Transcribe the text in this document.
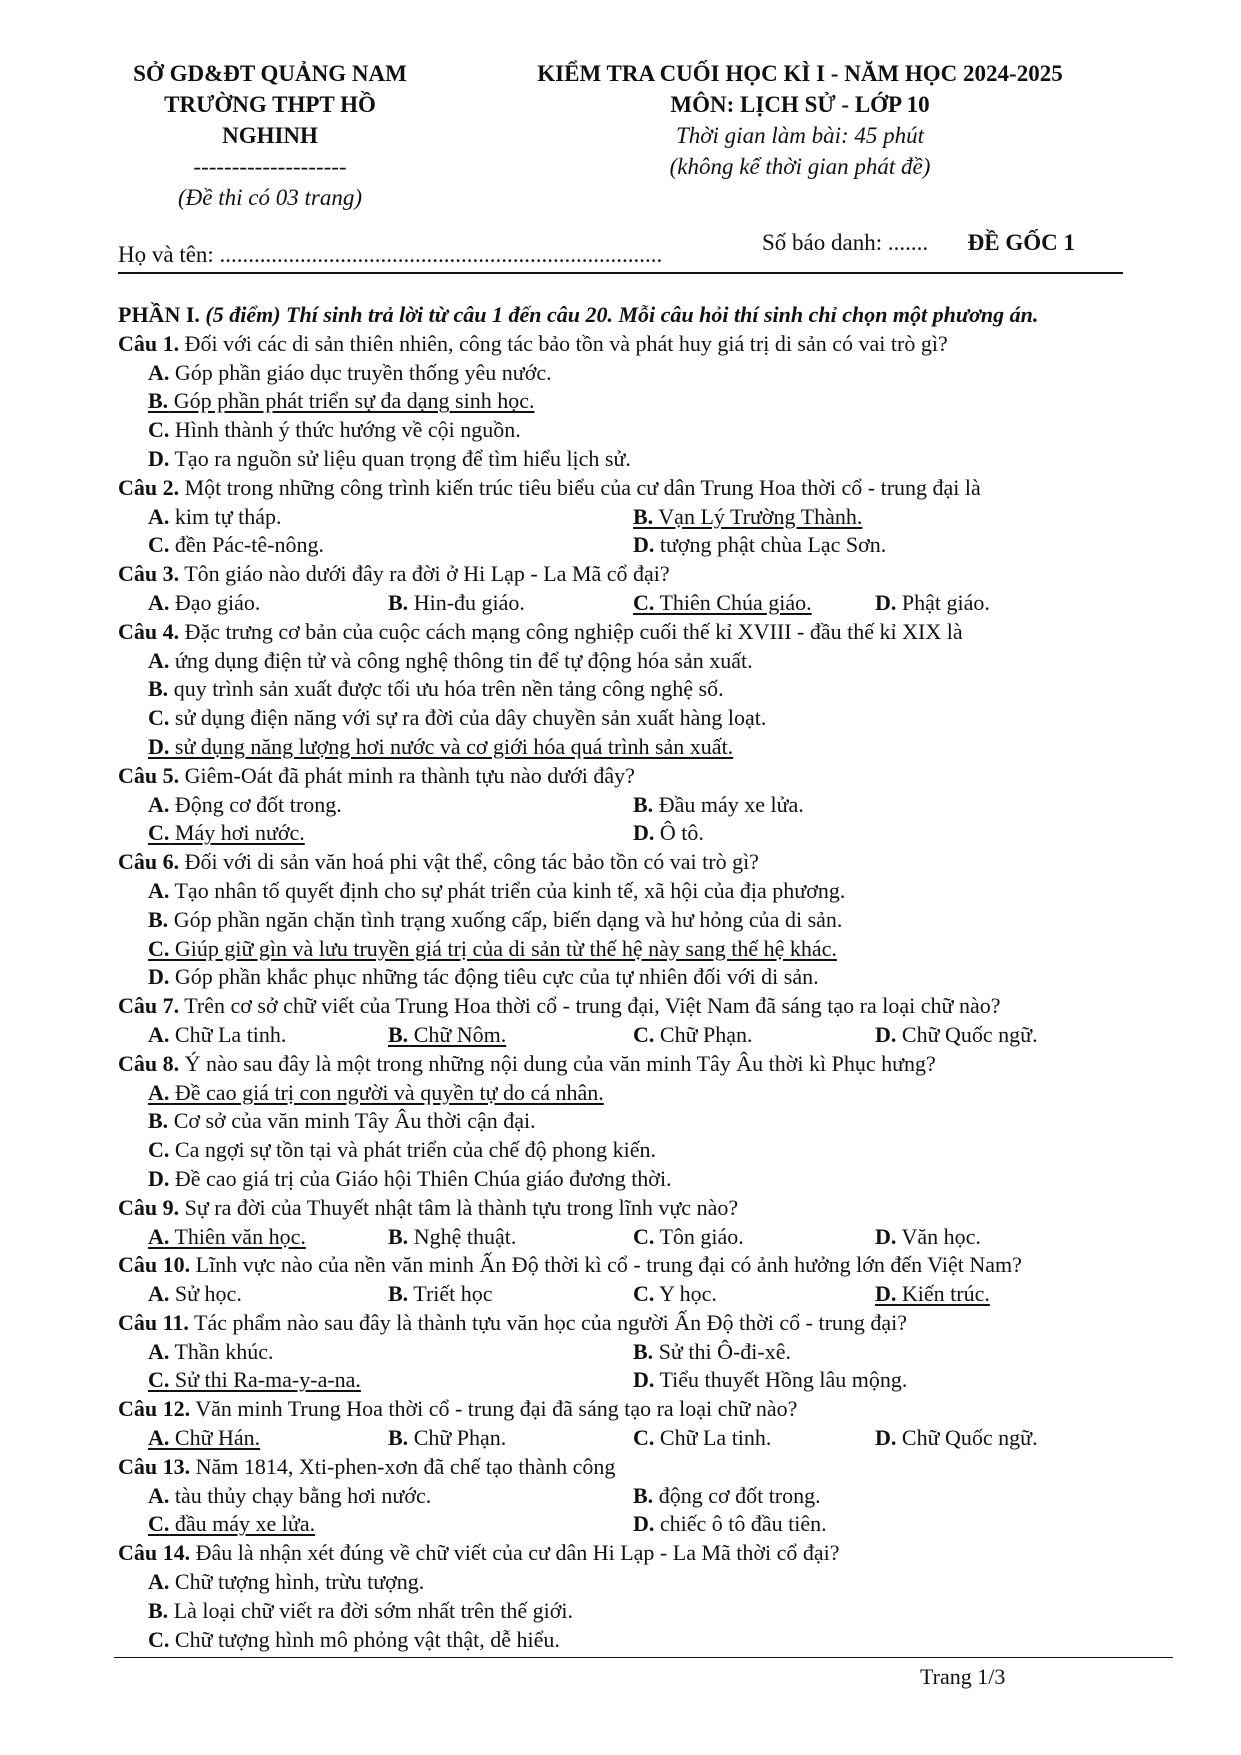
SỞ GD&ĐT QUẢNG NAM
TRƯỜNG THPT HỒ NGHINH
--------------------
(Đề thi có 03 trang)
KIỂM TRA CUỐI HỌC KÌ I - NĂM HỌC 2024-2025
MÔN: LỊCH SỬ - LỚP 10
Thời gian làm bài: 45 phút
(không kể thời gian phát đề)
Họ và tên: .............................................................................	Số báo danh: ....... ĐỀ GỐC 1
PHẦN I. (5 điểm) Thí sinh trả lời từ câu 1 đến câu 20. Mỗi câu hỏi thí sinh chỉ chọn một phương án.
Câu 1. Đối với các di sản thiên nhiên, công tác bảo tồn và phát huy giá trị di sản có vai trò gì?
A. Góp phần giáo dục truyền thống yêu nước.
B. Góp phần phát triển sự đa dạng sinh học.
C. Hình thành ý thức hướng về cội nguồn.
D. Tạo ra nguồn sử liệu quan trọng để tìm hiểu lịch sử.
Câu 2. Một trong những công trình kiến trúc tiêu biểu của cư dân Trung Hoa thời cổ - trung đại là
A. kim tự tháp.	B. Vạn Lý Trường Thành.
C. đền Pác-tê-nông.	D. tượng phật chùa Lạc Sơn.
Câu 3. Tôn giáo nào dưới đây ra đời ở Hi Lạp - La Mã cổ đại?
A. Đạo giáo.	B. Hin-đu giáo.	C. Thiên Chúa giáo.	D. Phật giáo.
Câu 4. Đặc trưng cơ bản của cuộc cách mạng công nghiệp cuối thế kỉ XVIII - đầu thế kỉ XIX là
A. ứng dụng điện tử và công nghệ thông tin để tự động hóa sản xuất.
B. quy trình sản xuất được tối ưu hóa trên nền tảng công nghệ số.
C. sử dụng điện năng với sự ra đời của dây chuyền sản xuất hàng loạt.
D. sử dụng năng lượng hơi nước và cơ giới hóa quá trình sản xuất.
Câu 5. Giêm-Oát đã phát minh ra thành tựu nào dưới đây?
A. Động cơ đốt trong.	B. Đầu máy xe lửa.
C. Máy hơi nước.	D. Ô tô.
Câu 6. Đối với di sản văn hoá phi vật thể, công tác bảo tồn có vai trò gì?
A. Tạo nhân tố quyết định cho sự phát triển của kinh tế, xã hội của địa phương.
B. Góp phần ngăn chặn tình trạng xuống cấp, biến dạng và hư hỏng của di sản.
C. Giúp giữ gìn và lưu truyền giá trị của di sản từ thế hệ này sang thế hệ khác.
D. Góp phần khắc phục những tác động tiêu cực của tự nhiên đối với di sản.
Câu 7. Trên cơ sở chữ viết của Trung Hoa thời cổ - trung đại, Việt Nam đã sáng tạo ra loại chữ nào?
A. Chữ La tinh.	B. Chữ Nôm.	C. Chữ Phạn.	D. Chữ Quốc ngữ.
Câu 8. Ý nào sau đây là một trong những nội dung của văn minh Tây Âu thời kì Phục hưng?
A. Đề cao giá trị con người và quyền tự do cá nhân.
B. Cơ sở của văn minh Tây Âu thời cận đại.
C. Ca ngợi sự tồn tại và phát triển của chế độ phong kiến.
D. Đề cao giá trị của Giáo hội Thiên Chúa giáo đương thời.
Câu 9. Sự ra đời của Thuyết nhật tâm là thành tựu trong lĩnh vực nào?
A. Thiên văn học.	B. Nghệ thuật.	C. Tôn giáo.	D. Văn học.
Câu 10. Lĩnh vực nào của nền văn minh Ấn Độ thời kì cổ - trung đại có ảnh hưởng lớn đến Việt Nam?
A. Sử học.	B. Triết học	C. Y học.	D. Kiến trúc.
Câu 11. Tác phẩm nào sau đây là thành tựu văn học của người Ấn Độ thời cổ - trung đại?
A. Thần khúc.	B. Sử thi Ô-đi-xê.
C. Sử thi Ra-ma-y-a-na.	D. Tiểu thuyết Hồng lâu mộng.
Câu 12. Văn minh Trung Hoa thời cổ - trung đại đã sáng tạo ra loại chữ nào?
A. Chữ Hán.	B. Chữ Phạn.	C. Chữ La tinh.	D. Chữ Quốc ngữ.
Câu 13. Năm 1814, Xti-phen-xơn đã chế tạo thành công
A. tàu thủy chạy bằng hơi nước.	B. động cơ đốt trong.
C. đầu máy xe lửa.	D. chiếc ô tô đầu tiên.
Câu 14. Đâu là nhận xét đúng về chữ viết của cư dân Hi Lạp - La Mã thời cổ đại?
A. Chữ tượng hình, trừu tượng.
B. Là loại chữ viết ra đời sớm nhất trên thế giới.
C. Chữ tượng hình mô phỏng vật thật, dễ hiểu.
Trang 1/3
